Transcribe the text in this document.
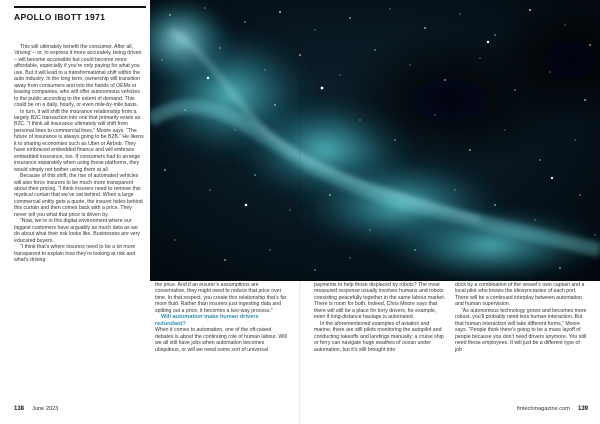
APOLLO IBOTT 1971

This will ultimately benefit the consumer. After all, ‘driving’ – or, to express it more accurately, being driven – will become accessible but could become more affordable, especially if you’re only paying for what you use. But it will lead to a transformational shift within the auto industry. In the long term, ownership will transition away from consumers and into the hands of OEMs or leasing companies, who will offer autonomous vehicles to the public according to the extent of demand. This could be on a daily, hourly, or even mile-by-mile basis.

In turn, it will shift the insurance relationship from a largely B2C transaction into one that primarily exists as B2C. “I think all insurance ultimately will shift from personal lines to commercial lines,” Moore says. “The future of insurance is always going to be B2B.” He likens it to sharing economies such as Uber or Airbnb. They have embraced embedded finance and will embrace embedded insurance, too. If consumers had to arrange insurance separately when using these platforms, they would simply not bother using them at all.

Because of this shift, the rise of automated vehicles will also force insurers to be much more transparent about their pricing. “I think insurers need to remove this mystical curtain that we’ve sat behind. When a large commercial entity gets a quote, the insurer hides behind this curtain and then comes back with a price. They never tell you what that price is driven by.

“Now, we’re in this digital environment where our biggest customers have arguably as much data as we do about what their risk looks like. Businesses are very educated buyers.

“I think that’s where insurers need to be a lot more transparent to explain how they’re looking at risk and what’s driving

the price. And if an insurer’s assumptions are conservative, they might need to reduce that price over time. In that respect, you create this relationship that’s far more fluid. Rather than insurers just ingesting data and spitting out a price, it becomes a two-way process.”

Will automation make human drivers redundant?

When it comes to automation, one of the oft-raised debates is about the continuing role of human labour. Will we all still have jobs when automation becomes ubiquitous, or will we need some sort of universal

payments to help those displaced by robots? The most measured response usually involves humans and robots coexisting peacefully together in the same labour market. There is room for both. Indeed, Chris Moore says that there will still be a place for lorry drivers, for example, even if long-distance haulage is automated.

In the aforementioned examples of aviation and marine, there are still pilots monitoring the autopilot and conducting takeoffs and landings manually; a cruise ship or ferry can navigate huge swathes of ocean under automation, but it’s still brought into

dock by a combination of the vessel’s own captain and a local pilot who knows the idiosyncrasies of each port. There will be a continued interplay between automation and human supervision.

“As autonomous technology grows and becomes more robust, you’ll probably need less human interaction. But that human interaction will take different forms,” Moore says. “People think there’s going to be a mass layoff of people because you don’t need drivers anymore. You still need these employees. It will just be a different type of job

138 June 2023	fintechmagazine.com 139
